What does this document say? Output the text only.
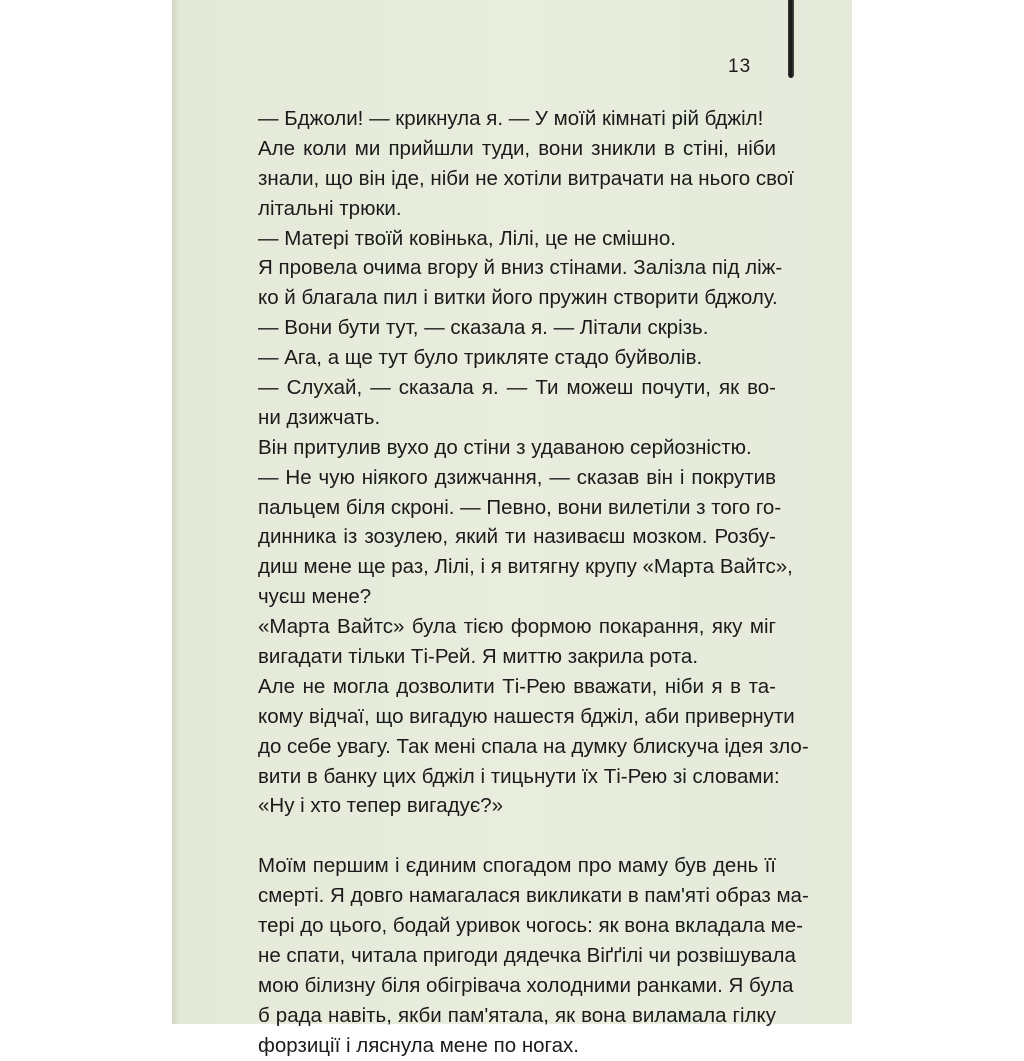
13
— Бджоли! — крикнула я. — У моїй кімнаті рій бджіл!
Але коли ми прийшли туди, вони зникли в стіні, ніби
знали, що він іде, ніби не хотіли витрачати на нього свої
літальні трюки.
— Матері твоїй ковінька, Лілі, це не смішно.
Я провела очима вгору й вниз стінами. Залізла під ліж-
ко й благала пил і витки його пружин створити бджолу.
— Вони бути тут, — сказала я. — Літали скрізь.
— Ага, а ще тут було трикляте стадо буйволів.
— Слухай, — сказала я. — Ти можеш почути, як во-
ни дзижчать.
Він притулив вухо до стіни з удаваною серйозністю.
— Не чую ніякого дзижчання, — сказав він і покрутив
пальцем біля скроні. — Певно, вони вилетіли з того го-
динника із зозулею, який ти називаєш мозком. Розбу-
диш мене ще раз, Лілі, і я витягну крупу «Марта Вайтс»,
чуєш мене?
«Марта Вайтс» була тією формою покарання, яку міг
вигадати тільки Ті-Рей. Я миттю закрила рота.
Але не могла дозволити Ті-Рею вважати, ніби я в та-
кому відчаї, що вигадую нашестя бджіл, аби привернути
до себе увагу. Так мені спала на думку блискуча ідея зло-
вити в банку цих бджіл і тицьнути їх Ті-Рею зі словами:
«Ну і хто тепер вигадує?»
Моїм першим і єдиним спогадом про маму був день її
смерті. Я довго намагалася викликати в пам'яті образ ма-
тері до цього, бодай уривок чогось: як вона вкладала ме-
не спати, читала пригоди дядечка Віґґілі чи розвішувала
мою білизну біля обігрівача холодними ранками. Я була
б рада навіть, якби пам'ятала, як вона виламала гілку
форзиції і ляснула мене по ногах.
